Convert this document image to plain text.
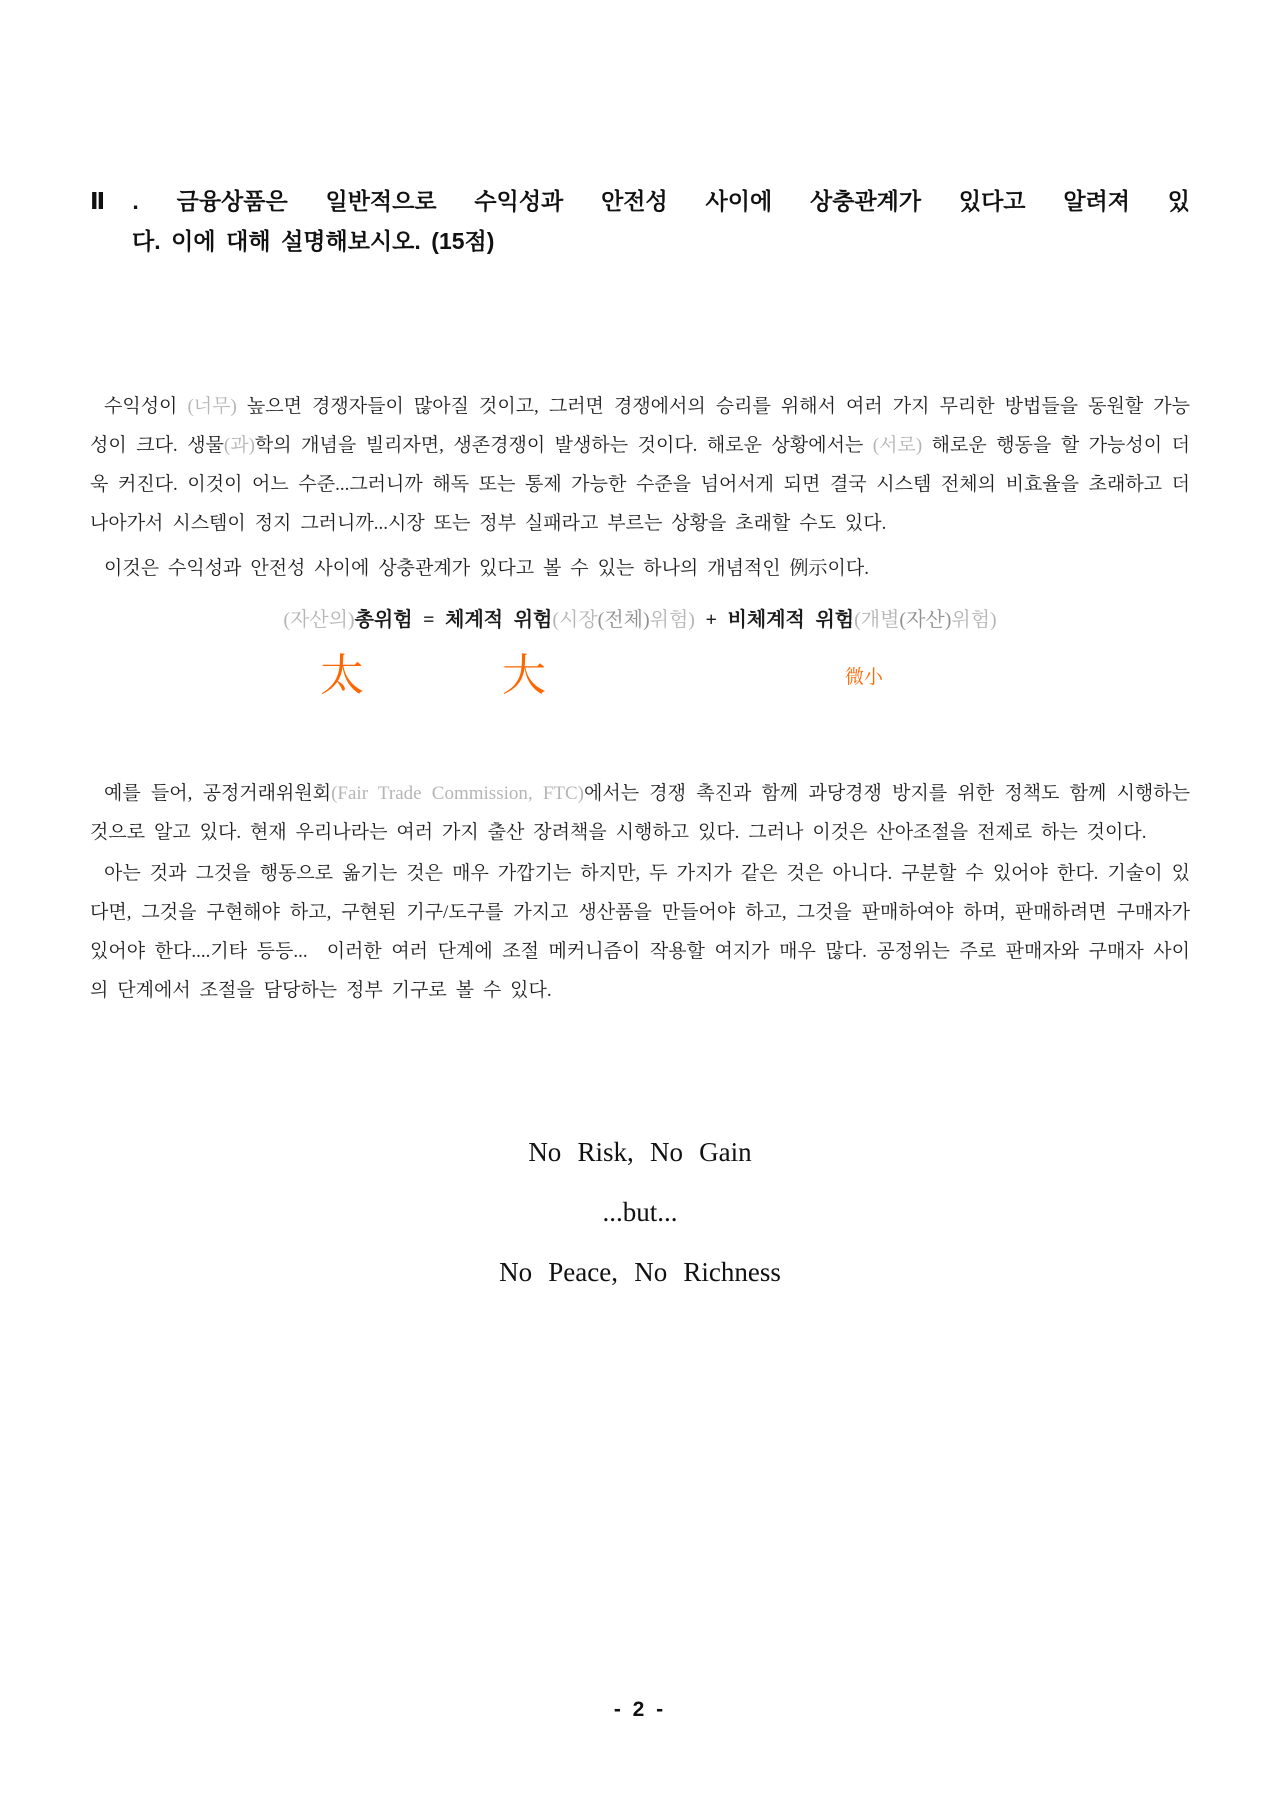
Ⅱ. 금융상품은 일반적으로 수익성과 안전성 사이에 상충관계가 있다고 알려져 있
다. 이에 대해 설명해보시오. (15점)

수익성이 (너무) 높으면 경쟁자들이 많아질 것이고, 그러면 경쟁에서의 승리를 위해서 여러 가지 무리한 방법들을 동원할 가능성이 크다. 생물(과)학의 개념을 빌리자면, 생존경쟁이 발생하는 것이다. 해로운 상황에서는 (서로) 해로운 행동을 할 가능성이 더욱 커진다. 이것이 어느 수준...그러니까 해독 또는 통제 가능한 수준을 넘어서게 되면 결국 시스템 전체의 비효율을 초래하고 더 나아가서 시스템이 정지 그러니까...시장 또는 정부 실패라고 부르는 상황을 초래할 수도 있다.

이것은 수익성과 안전성 사이에 상충관계가 있다고 볼 수 있는 하나의 개념적인 例示이다.

(자산의)총위험 = 체계적 위험(시장(전체)위험) + 비체계적 위험(개별(자산)위험)
太	大	微小

예를 들어, 공정거래위원회(Fair Trade Commission, FTC)에서는 경쟁 촉진과 함께 과당경쟁 방지를 위한 정책도 함께 시행하는 것으로 알고 있다. 현재 우리나라는 여러 가지 출산 장려책을 시행하고 있다. 그러나 이것은 산아조절을 전제로 하는 것이다.

아는 것과 그것을 행동으로 옮기는 것은 매우 가깝기는 하지만, 두 가지가 같은 것은 아니다. 구분할 수 있어야 한다. 기술이 있다면, 그것을 구현해야 하고, 구현된 기구/도구를 가지고 생산품을 만들어야 하고, 그것을 판매하여야 하며, 판매하려면 구매자가 있어야 한다....기타 등등...  이러한 여러 단계에 조절 메커니즘이 작용할 여지가 매우 많다. 공정위는 주로 판매자와 구매자 사이의 단계에서 조절을 담당하는 정부 기구로 볼 수 있다.

No Risk, No Gain
...but...
No Peace, No Richness
- 2 -
